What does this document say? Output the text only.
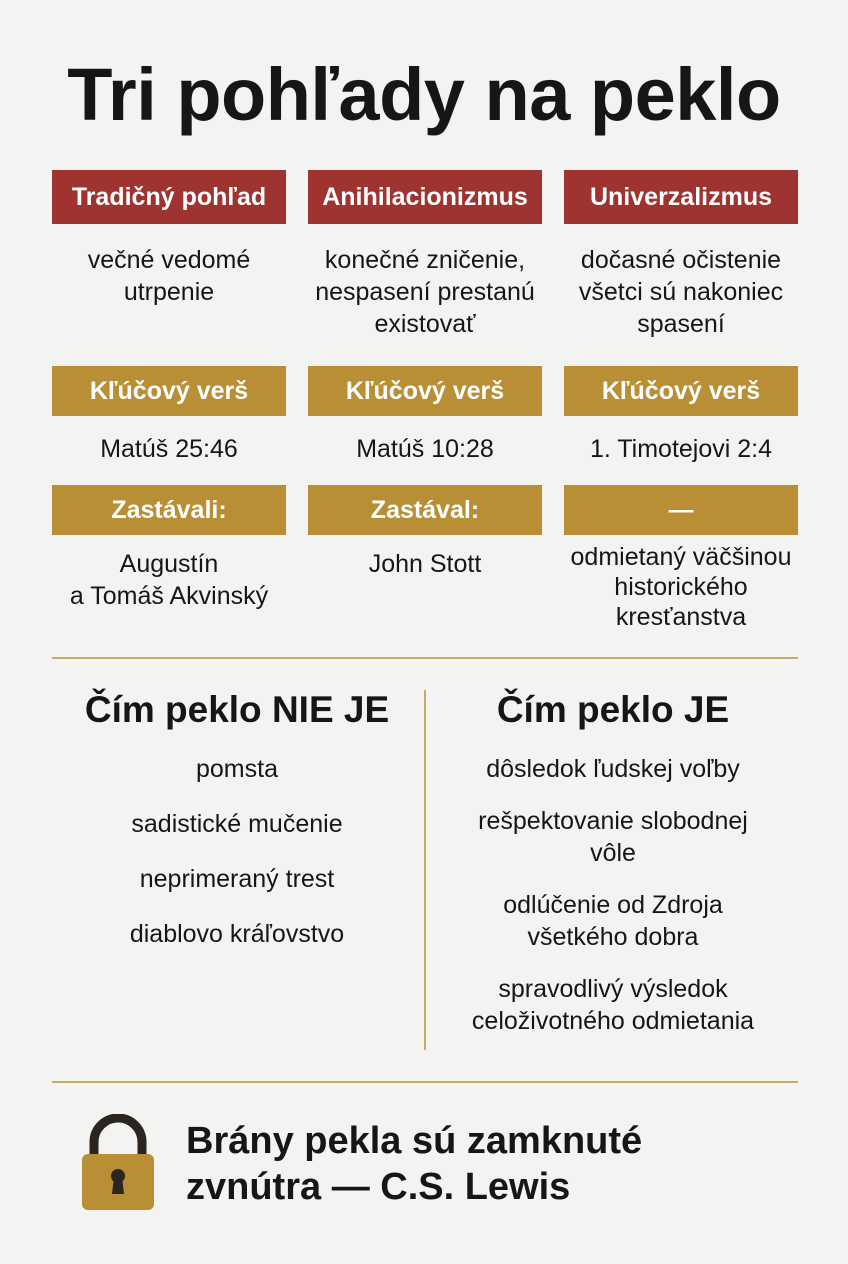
Tri pohľady na peklo
Tradičný pohľad
večné vedomé
utrpenie
Kľúčový verš
Matúš 25:46
Zastávali:
Augustín
a Tomáš Akvinský
Anihilacionizmus
konečné zničenie,
nespasení prestanú
existovať
Kľúčový verš
Matúš 10:28
Zastával:
John Stott
Univerzalizmus
dočasné očistenie
všetci sú nakoniec
spasení
Kľúčový verš
1. Timotejovi 2:4
—
odmietaný väčšinou
historického
kresťanstva
Čím peklo NIE JE
pomsta
sadistické mučenie
neprimeraný trest
diablovo kráľovstvo
Čím peklo JE
dôsledok ľudskej voľby
rešpektovanie slobodnej
vôle
odlúčenie od Zdroja
všetkého dobra
spravodlivý výsledok
celoživotného odmietania
Brány pekla sú zamknuté
zvnútra — C.S. Lewis
